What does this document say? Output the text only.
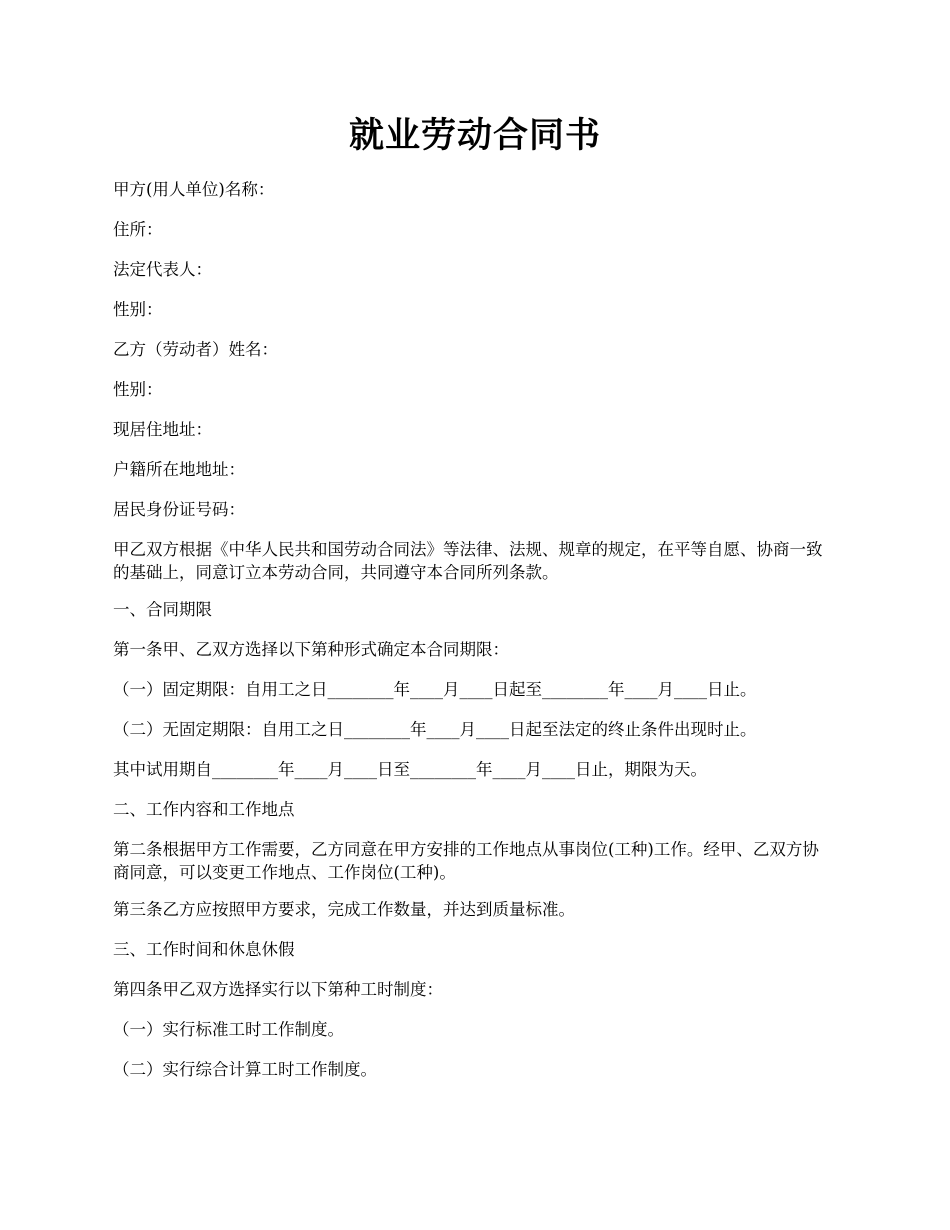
就业劳动合同书

甲方(用人单位)名称：

住所：

法定代表人：

性别：

乙方（劳动者）姓名：

性别：

现居住地址：

户籍所在地地址：

居民身份证号码：

甲乙双方根据《中华人民共和国劳动合同法》等法律、法规、规章的规定，在平等自愿、协商一致的基础上，同意订立本劳动合同，共同遵守本合同所列条款。

一、合同期限

第一条甲、乙双方选择以下第种形式确定本合同期限：

（一）固定期限：自用工之日________年____月____日起至________年____月____日止。

（二）无固定期限：自用工之日________年____月____日起至法定的终止条件出现时止。

其中试用期自________年____月____日至________年____月____日止，期限为天。

二、工作内容和工作地点

第二条根据甲方工作需要，乙方同意在甲方安排的工作地点从事岗位(工种)工作。经甲、乙双方协商同意，可以变更工作地点、工作岗位(工种)。

第三条乙方应按照甲方要求，完成工作数量，并达到质量标准。

三、工作时间和休息休假

第四条甲乙双方选择实行以下第种工时制度：

（一）实行标准工时工作制度。

（二）实行综合计算工时工作制度。
